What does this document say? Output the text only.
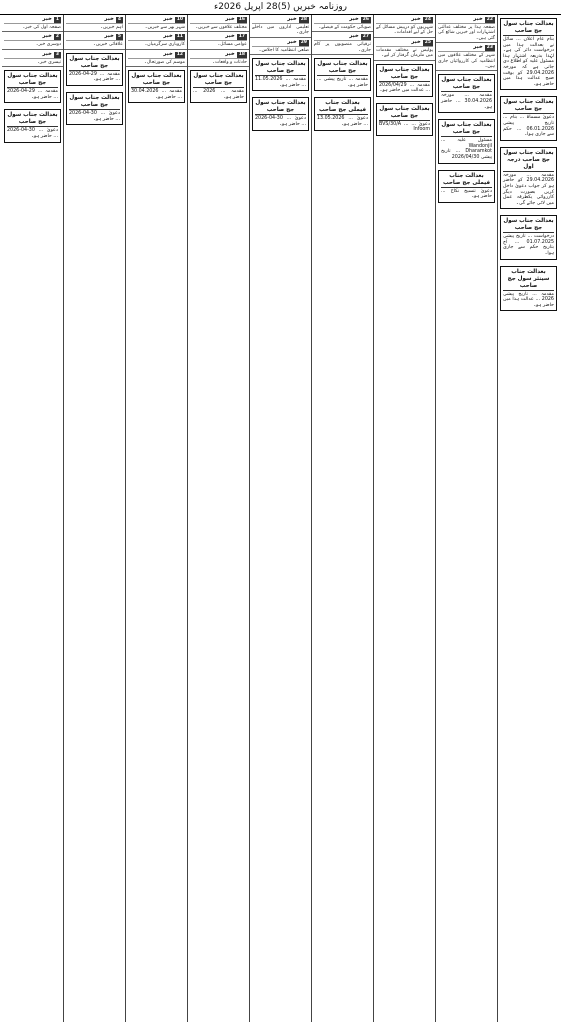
روزنامہ خبریں (5)28 اپریل 2026ء
بعدالت جناب سول جج صاحب
بنام عام اعلان ... سائل نے بعدالت ہذا میں درخواست دائر کی ہے۔ لہٰذا بذریعہ اشتہار ہذا مسئول علیہ کو اطلاع دی جاتی ہے کہ مورخہ 29.04.2026 کو بوقت صبح عدالت ہذا میں حاضر ہو۔
بعدالت جناب سول جج صاحب
دعویٰ مسماۃ ... بنام ... تاریخ پیشی 06.01.2026 ... حکم سے جاری ہوا۔
بعدالت جناب سول جج صاحب درجہ اول
مقدمہ ... مورخہ 29.04.2026 کو حاضر ہو کر جواب دعویٰ داخل کریں بصورت دیگر کارروائی یکطرفہ عمل میں لائی جائے گی۔
بعدالت جناب سول جج صاحب
درخواست ... تاریخ پیشی 01.07.2025 ... آج بتاریخ حکم سے جاری ہوا۔
بعدالت جناب سینئر سول جج صاحب
مقدمہ ... تاریخ پیشی 2026 ... عدالت ہذا میں حاضر ہو۔
22خبر
صفحہ ہذا پر مختلف عدالتی اشتہارات اور خبریں شائع کی گئی ہیں۔
23خبر
شہر کے مختلف علاقوں میں انتظامیہ کی کارروائیاں جاری ہیں۔
بعدالت جناب سول جج صاحب
مقدمہ ... مورخہ 30.04.2026 ... حاضر ہو۔
بعدالت جناب سول جج صاحب
مسئول علیہ ... Wandonjil Dharamkot ... تاریخ پیشی 2026/04/30
بعدالت جناب فیملی جج صاحب
دعویٰ تنسیخ نکاح ... حاضر ہو۔
24خبر
شہریوں کو درپیش مسائل کے حل کے لیے اقدامات۔
25خبر
پولیس نے مختلف مقدمات میں ملزمان گرفتار کر لیے۔
بعدالت جناب سول جج صاحب
مقدمہ ... 2026/04/29 ... عدالت میں حاضر ہو۔
بعدالت جناب سول جج صاحب
دعویٰ ... BVS/30/A ... Infoom
26خبر
صوبائی حکومت کے فیصلے۔
27خبر
ترقیاتی منصوبوں پر کام جاری۔
بعدالت جناب سول جج صاحب
مقدمہ ... تاریخ پیشی ... حاضر ہو۔
بعدالت جناب فیملی جج صاحب
دعویٰ ... 13.05.2026 ... حاضر ہو۔
28خبر
تعلیمی اداروں میں داخلے جاری۔
29خبر
ضلعی انتظامیہ کا اجلاس۔
بعدالت جناب سول جج صاحب
مقدمہ ... 11.05.2026 ... حاضر ہو۔
بعدالت جناب سول جج صاحب
دعویٰ ... 30-04-2026 ... حاضر ہو۔
16خبر
مختلف علاقوں سے خبریں۔
17خبر
عوامی مسائل۔
18خبر
حادثات و واقعات۔
بعدالت جناب سول جج صاحب
مقدمہ ... 2026 ... حاضر ہو۔
10خبر
شہر بھر سے خبریں۔
11خبر
کاروباری سرگرمیاں۔
12خبر
موسم کی صورتحال۔
بعدالت جناب سول جج صاحب
مقدمہ ... 30.04.2026 ... حاضر ہو۔
4خبر
اہم خبریں۔
5خبر
علاقائی خبریں۔
بعدالت جناب سول جج صاحب
مقدمہ ... 29-04-2026 ... حاضر ہو۔
بعدالت جناب سول جج صاحب
دعویٰ ... 30-04-2026 ... حاضر ہو۔
1خبر
صفحہ اول کی خبر۔
2خبر
دوسری خبر۔
3خبر
تیسری خبر۔
بعدالت جناب سول جج صاحب
مقدمہ ... 29-04-2026 ... حاضر ہو۔
بعدالت جناب سول جج صاحب
دعویٰ ... 30-04-2026 ... حاضر ہو۔
